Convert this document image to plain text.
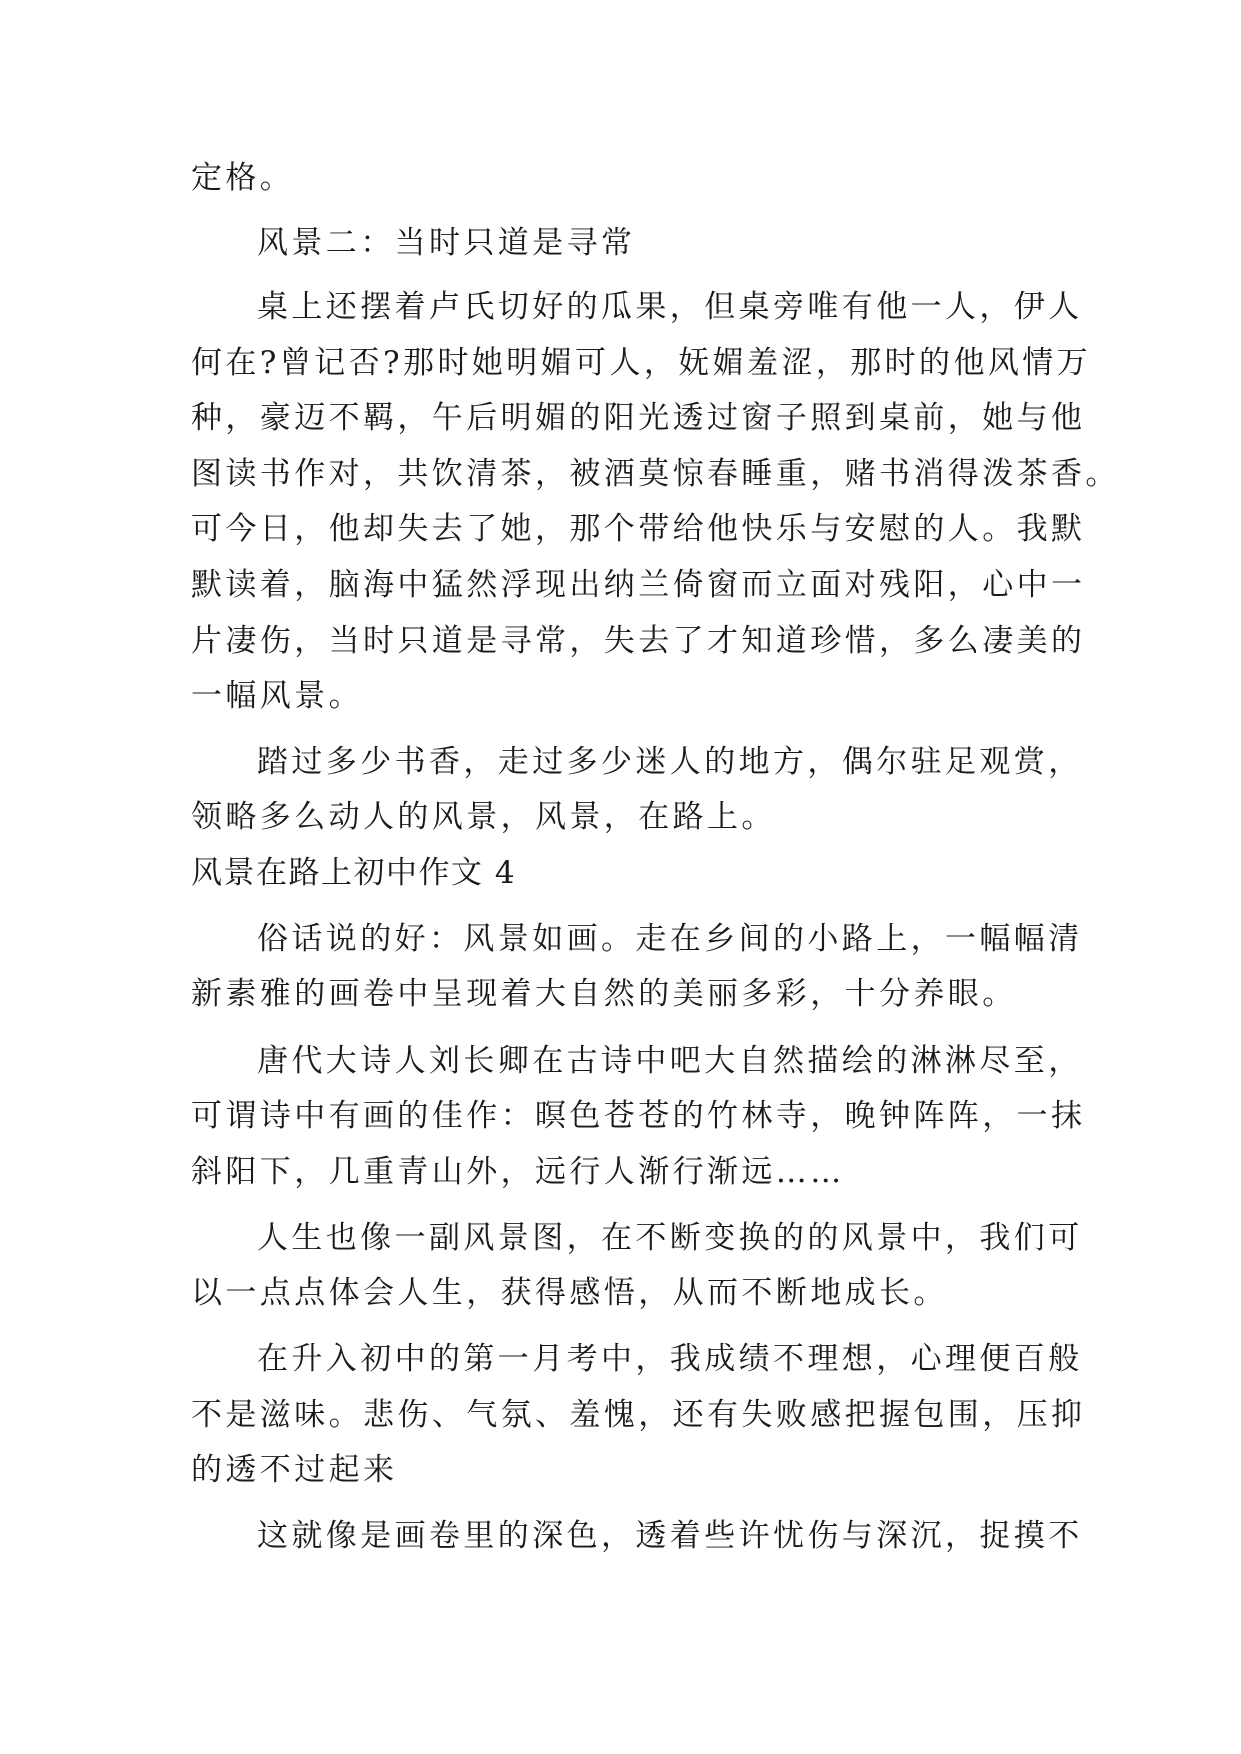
定格。
风景二：当时只道是寻常
桌上还摆着卢氏切好的瓜果，但桌旁唯有他一人，伊人
何在?曾记否?那时她明媚可人，妩媚羞涩，那时的他风情万
种，豪迈不羁，午后明媚的阳光透过窗子照到桌前，她与他
图读书作对，共饮清茶，被酒莫惊春睡重，赌书消得泼茶香。
可今日，他却失去了她，那个带给他快乐与安慰的人。我默
默读着，脑海中猛然浮现出纳兰倚窗而立面对残阳，心中一
片凄伤，当时只道是寻常，失去了才知道珍惜，多么凄美的
一幅风景。
踏过多少书香，走过多少迷人的地方，偶尔驻足观赏，
领略多么动人的风景，风景，在路上。
风景在路上初中作文 4
俗话说的好：风景如画。走在乡间的小路上，一幅幅清
新素雅的画卷中呈现着大自然的美丽多彩，十分养眼。
唐代大诗人刘长卿在古诗中吧大自然描绘的淋淋尽至，
可谓诗中有画的佳作：暝色苍苍的竹林寺，晚钟阵阵，一抹
斜阳下，几重青山外，远行人渐行渐远……
人生也像一副风景图，在不断变换的的风景中，我们可
以一点点体会人生，获得感悟，从而不断地成长。
在升入初中的第一月考中，我成绩不理想，心理便百般
不是滋味。悲伤、气氛、羞愧，还有失败感把握包围，压抑
的透不过起来
这就像是画卷里的深色，透着些许忧伤与深沉，捉摸不
